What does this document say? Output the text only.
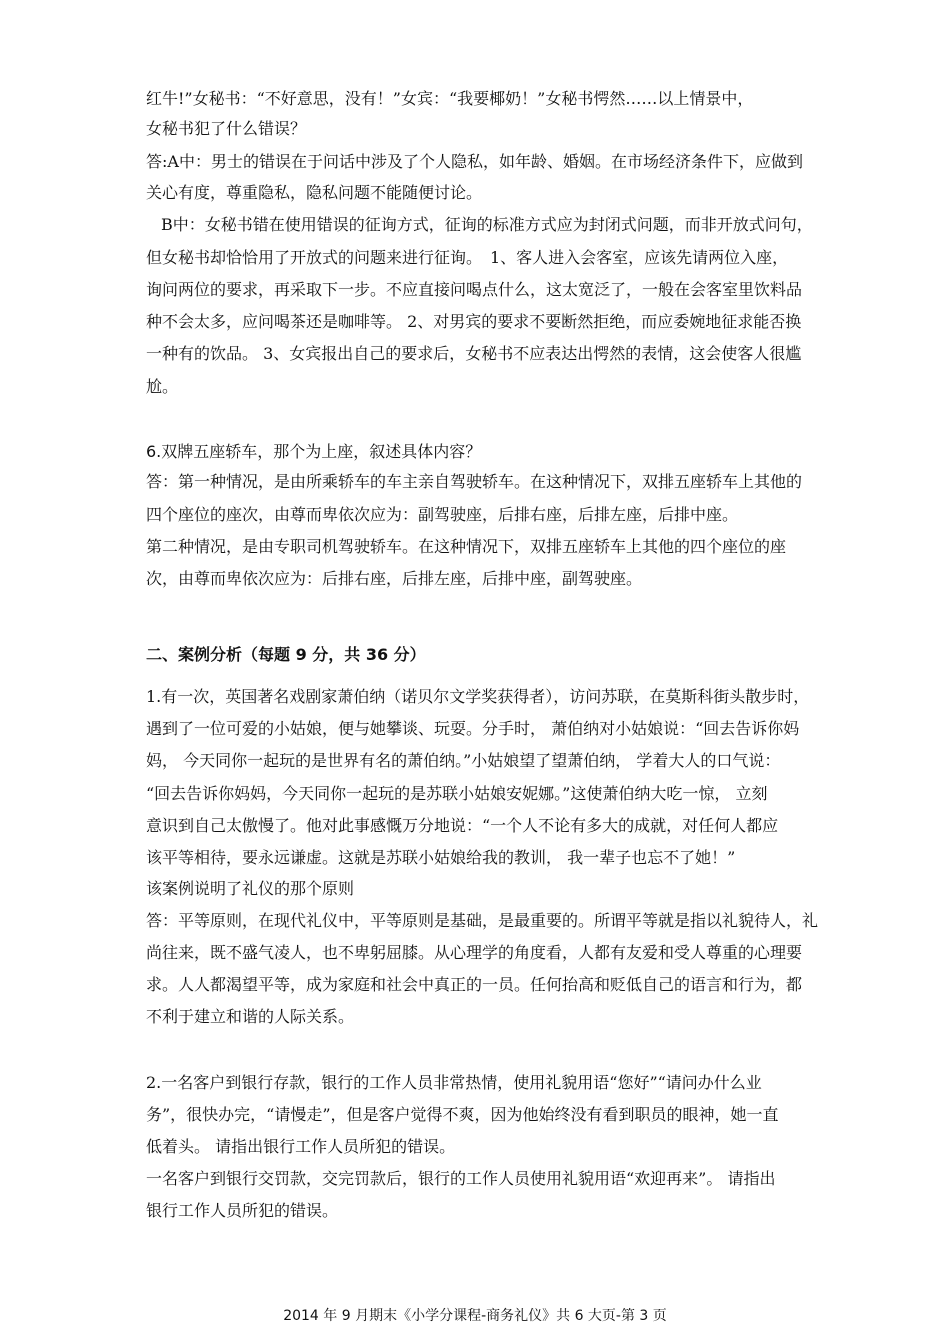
红牛!”女秘书：“不好意思，没有！”女宾：“我要椰奶！”女秘书愕然……以上情景中，
女秘书犯了什么错误？
答:A中：男士的错误在于问话中涉及了个人隐私，如年龄、婚姻。在市场经济条件下，应做到
关心有度，尊重隐私，隐私问题不能随便讨论。
B中：女秘书错在使用错误的征询方式，征询的标准方式应为封闭式问题，而非开放式问句，
但女秘书却恰恰用了开放式的问题来进行征询。　1、客人进入会客室，应该先请两位入座，
询问两位的要求，再采取下一步。不应直接问喝点什么，这太宽泛了，一般在会客室里饮料品
种不会太多，应问喝茶还是咖啡等。 2、对男宾的要求不要断然拒绝，而应委婉地征求能否换
一种有的饮品。 3、女宾报出自己的要求后，女秘书不应表达出愕然的表情，这会使客人很尴
尬。
6.双牌五座轿车，那个为上座，叙述具体内容？
答：第一种情况，是由所乘轿车的车主亲自驾驶轿车。在这种情况下，双排五座轿车上其他的
四个座位的座次，由尊而卑依次应为：副驾驶座，后排右座，后排左座，后排中座。
第二种情况，是由专职司机驾驶轿车。在这种情况下，双排五座轿车上其他的四个座位的座
次，由尊而卑依次应为：后排右座，后排左座，后排中座，副驾驶座。
二、案例分析（每题 9 分，共 36 分）
1.有一次，英国著名戏剧家萧伯纳（诺贝尔文学奖获得者），访问苏联，在莫斯科街头散步时，
遇到了一位可爱的小姑娘，便与她攀谈、玩耍。分手时， 萧伯纳对小姑娘说：“回去告诉你妈
妈， 今天同你一起玩的是世界有名的萧伯纳。”小姑娘望了望萧伯纳， 学着大人的口气说：
“回去告诉你妈妈，今天同你一起玩的是苏联小姑娘安妮娜。”这使萧伯纳大吃一惊， 立刻
意识到自己太傲慢了。他对此事感慨万分地说：“一个人不论有多大的成就，对任何人都应
该平等相待，要永远谦虚。这就是苏联小姑娘给我的教训， 我一辈子也忘不了她！”
该案例说明了礼仪的那个原则
答：平等原则，在现代礼仪中，平等原则是基础，是最重要的。所谓平等就是指以礼貌待人，礼
尚往来，既不盛气凌人，也不卑躬屈膝。从心理学的角度看，人都有友爱和受人尊重的心理要
求。人人都渴望平等，成为家庭和社会中真正的一员。任何抬高和贬低自己的语言和行为，都
不利于建立和谐的人际关系。
2.一名客户到银行存款，银行的工作人员非常热情，使用礼貌用语“您好”“请问办什么业
务”，很快办完，“请慢走”，但是客户觉得不爽，因为他始终没有看到职员的眼神，她一直
低着头。 请指出银行工作人员所犯的错误。
一名客户到银行交罚款，交完罚款后，银行的工作人员使用礼貌用语“欢迎再来”。 请指出
银行工作人员所犯的错误。
2014 年 9 月期末《小学分课程-商务礼仪》共 6 大页-第 3 页
